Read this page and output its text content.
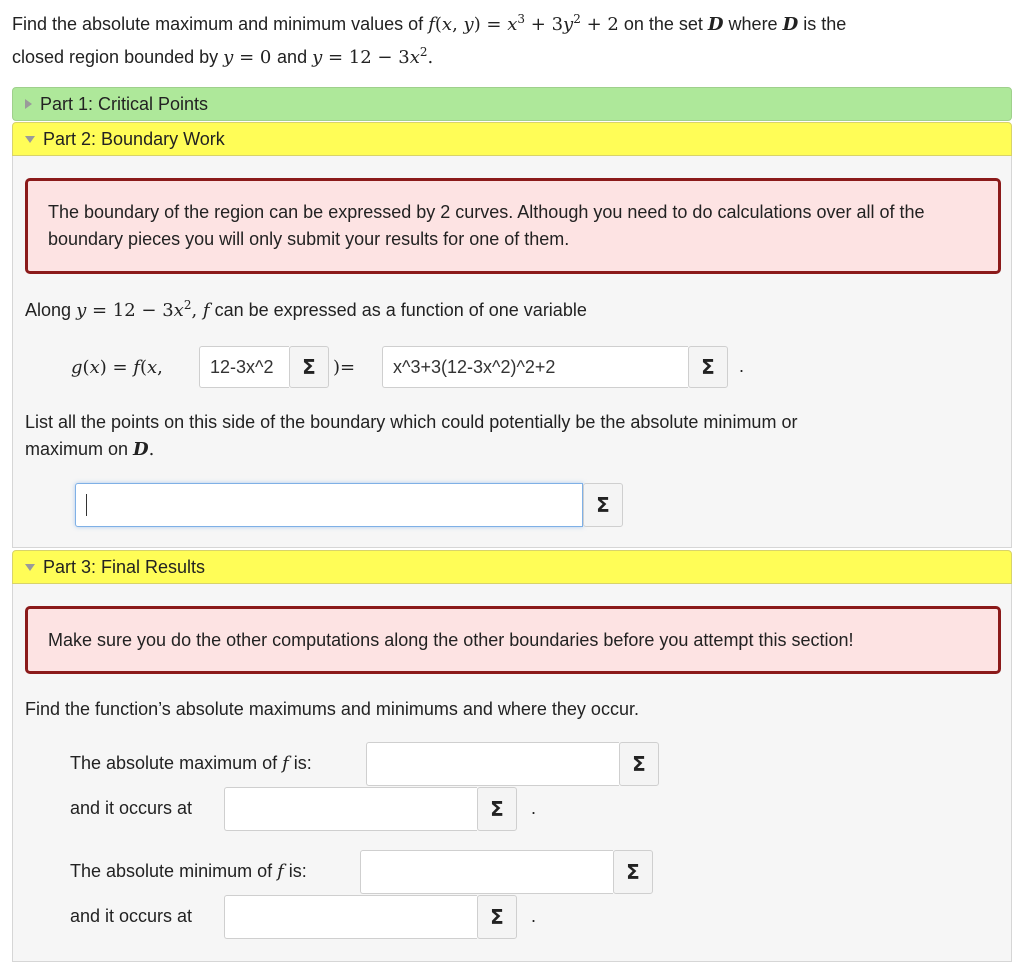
Find the absolute maximum and minimum values of f(x, $y) = x^3 + 3y^2 + 2$ on the set D where D is the
closed region bounded by y = 0 and $y = 12 - 3x^2$.
Part 1: Critical Points
Part 2: Boundary Work
The boundary of the region can be expressed by 2 curves. Although you need to do calculations over all of the boundary pieces you will only submit your results for one of them.
Along $y = 12 - 3x^2$, f can be expressed as a function of one variable
g(x) = f(x,	12-3x^2 Σ )= x^3+3(12-3x^2)^2+2	Σ .
List all the points on this side of the boundary which could potentially be the absolute minimum or
maximum on D.
Σ
Part 3: Final Results
Make sure you do the other computations along the other boundaries before you attempt this section!
Find the function’s absolute maximums and minimums and where they occur.
The absolute maximum of f is:	Σ
and it occurs at	Σ .
The absolute minimum of f is:	Σ
and it occurs at	Σ .
